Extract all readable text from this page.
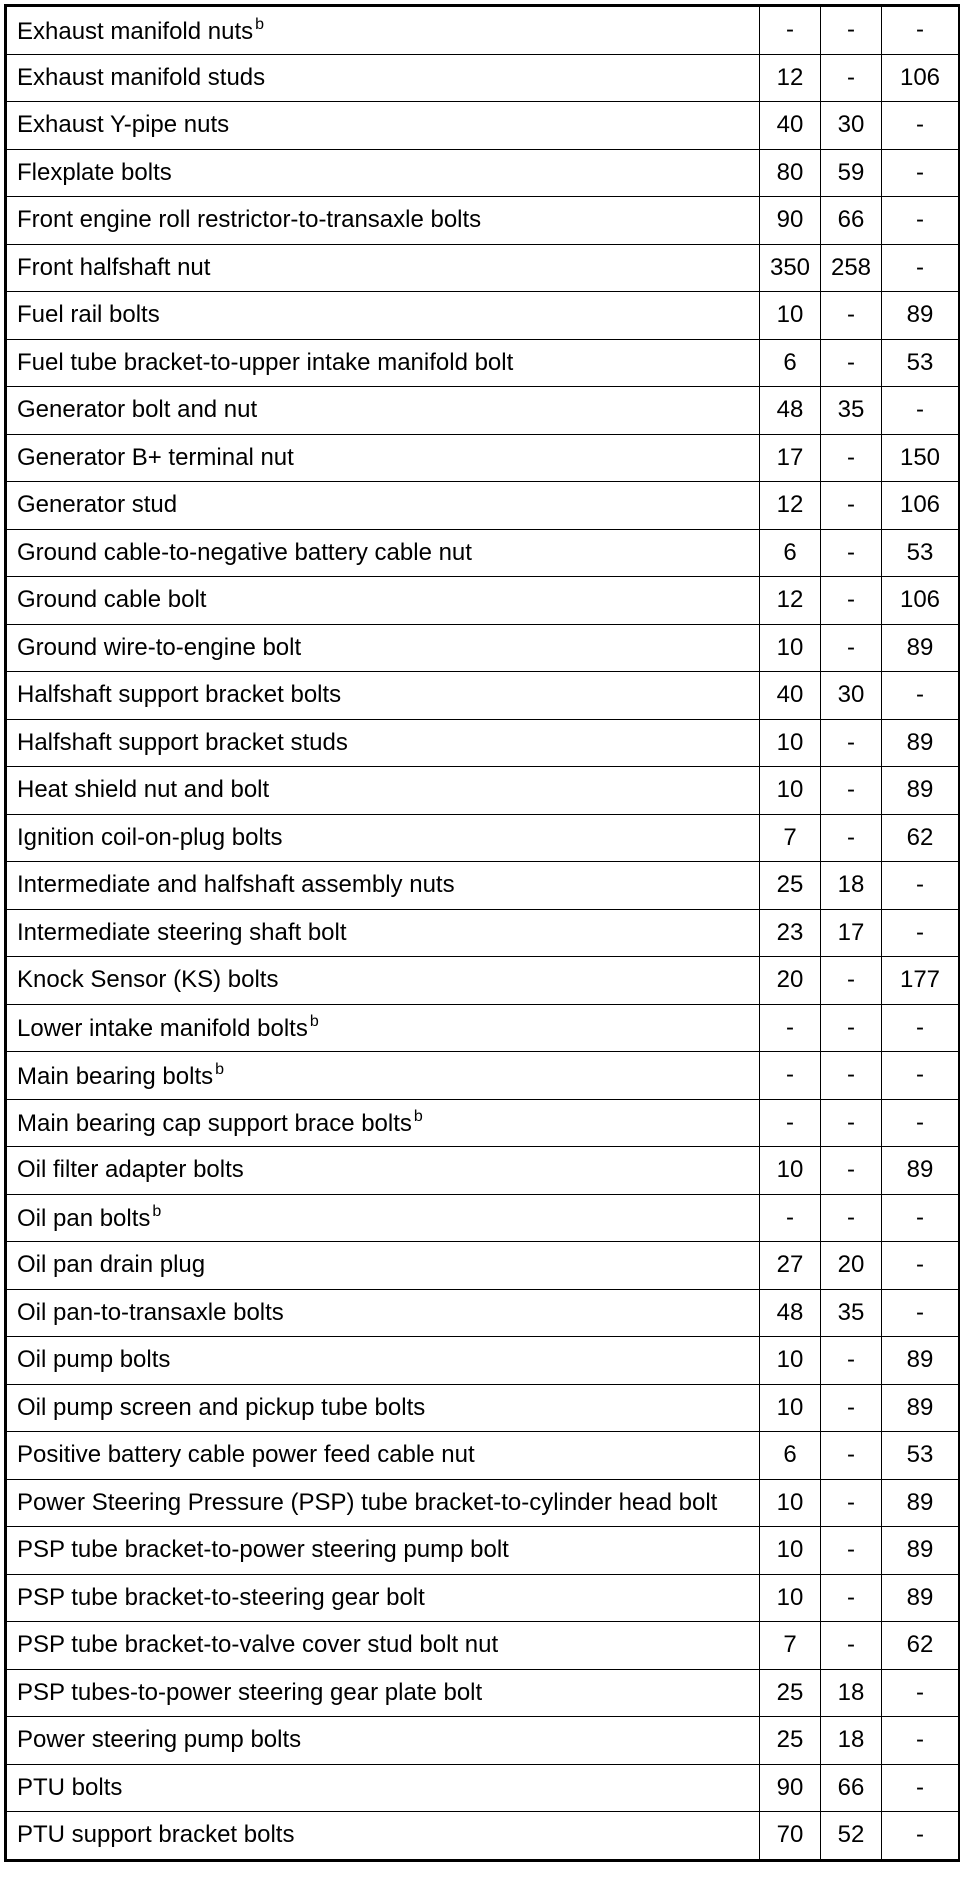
Exhaust manifold nuts $^b$	-	-	-
Exhaust manifold studs	12	-	106
Exhaust Y-pipe nuts	40	30	-
Flexplate bolts	80	59	-
Front engine roll restrictor-to-transaxle bolts	90	66	-
Front halfshaft nut	350	258	-
Fuel rail bolts	10	-	89
Fuel tube bracket-to-upper intake manifold bolt	6	-	53
Generator bolt and nut	48	35	-
Generator B+ terminal nut	17	-	150
Generator stud	12	-	106
Ground cable-to-negative battery cable nut	6	-	53
Ground cable bolt	12	-	106
Ground wire-to-engine bolt	10	-	89
Halfshaft support bracket bolts	40	30	-
Halfshaft support bracket studs	10	-	89
Heat shield nut and bolt	10	-	89
Ignition coil-on-plug bolts	7	-	62
Intermediate and halfshaft assembly nuts	25	18	-
Intermediate steering shaft bolt	23	17	-
Knock Sensor (KS) bolts	20	-	177
Lower intake manifold bolts $^b$	-	-	-
Main bearing bolts $^b$	-	-	-
Main bearing cap support brace bolts $^b$	-	-	-
Oil filter adapter bolts	10	-	89
Oil pan bolts $^b$	-	-	-
Oil pan drain plug	27	20	-
Oil pan-to-transaxle bolts	48	35	-
Oil pump bolts	10	-	89
Oil pump screen and pickup tube bolts	10	-	89
Positive battery cable power feed cable nut	6	-	53
Power Steering Pressure (PSP) tube bracket-to-cylinder head bolt	10	-	89
PSP tube bracket-to-power steering pump bolt	10	-	89
PSP tube bracket-to-steering gear bolt	10	-	89
PSP tube bracket-to-valve cover stud bolt nut	7	-	62
PSP tubes-to-power steering gear plate bolt	25	18	-
Power steering pump bolts	25	18	-
PTU bolts	90	66	-
PTU support bracket bolts	70	52	-
